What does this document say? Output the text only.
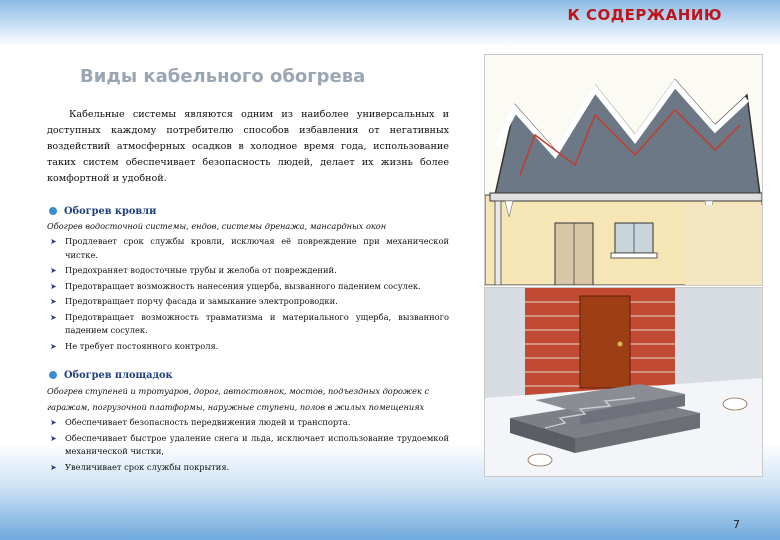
К СОДЕРЖАНИЮ
Виды кабельного обогрева
Кабельные системы являются одним из наиболее универсальных и доступных каждому потребителю способов избавления от негативных воздействий атмосферных осадков в холодное время года, использование таких систем обеспечивает безопасность людей, делает их жизнь более комфортной и удобной.
Обогрев кровли
Обогрев водосточной системы, ендов, системы дренажа, мансардных окон
➤ Продлевает срок службы кровли, исключая её повреждение при механической чистке.
➤ Предохраняет водосточные трубы и желоба от повреждений.
➤ Предотвращает возможность нанесения ущерба, вызванного падением сосулек.
➤ Предотвращает порчу фасада и замыкание электропроводки.
➤ Предотвращает возможность травматизма и материального ущерба, вызванного падением сосулек.
➤ Не требует постоянного контроля.
Обогрев площадок
Обогрев ступеней и тротуаров, дорог, автостоянок, мостов, подъездных дорожек с гаражам, погрузочной платформы, наружные ступени, полов в жилых помещениях
➤ Обеспечивает безопасность передвижения людей и транспорта.
➤ Обеспечивает быстрое удаление снега и льда, исключает использование трудоемкой механической чистки,
➤ Увеличивает срок службы покрытия.
7
